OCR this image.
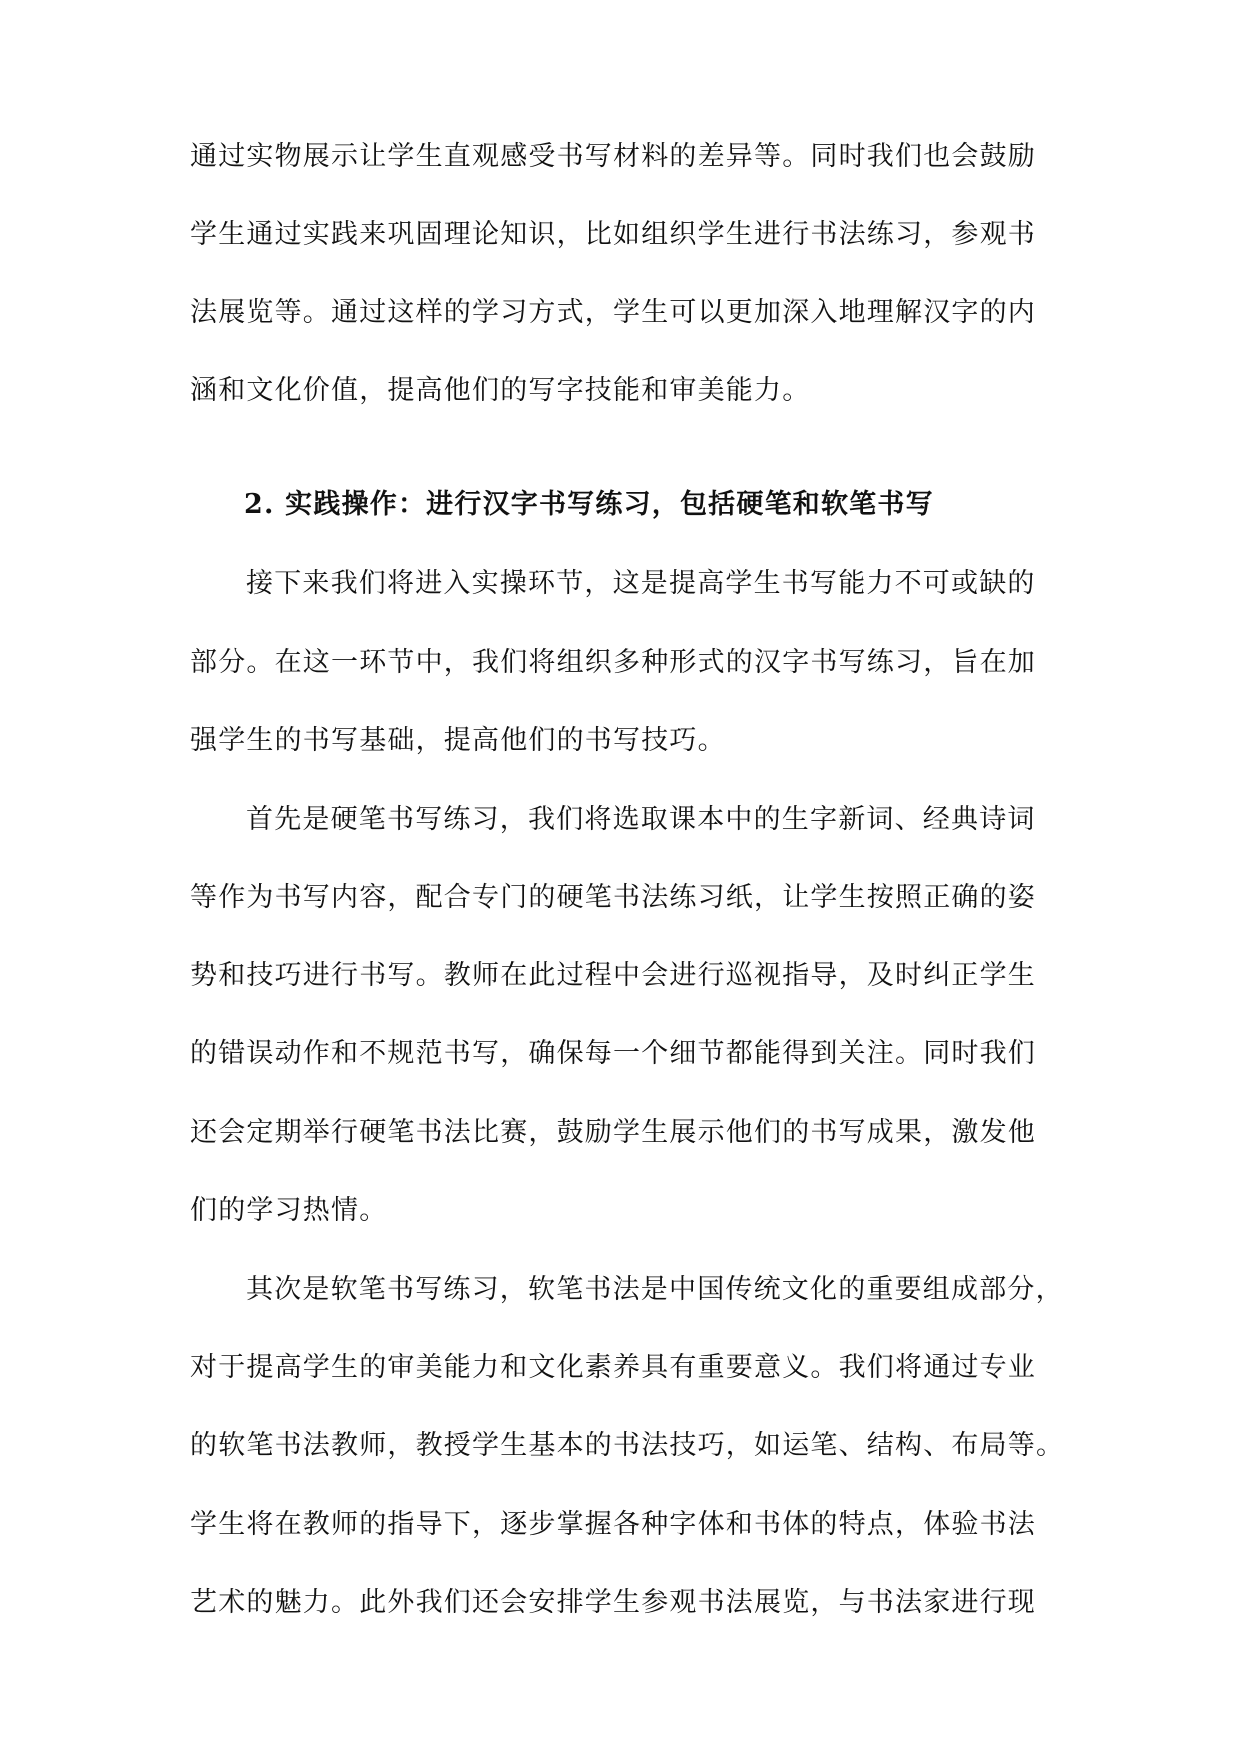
通过实物展示让学生直观感受书写材料的差异等。同时我们也会鼓励
学生通过实践来巩固理论知识，比如组织学生进行书法练习，参观书
法展览等。通过这样的学习方式，学生可以更加深入地理解汉字的内
涵和文化价值，提高他们的写字技能和审美能力。
2. 实践操作：进行汉字书写练习，包括硬笔和软笔书写
接下来我们将进入实操环节，这是提高学生书写能力不可或缺的
部分。在这一环节中，我们将组织多种形式的汉字书写练习，旨在加
强学生的书写基础，提高他们的书写技巧。
首先是硬笔书写练习，我们将选取课本中的生字新词、经典诗词
等作为书写内容，配合专门的硬笔书法练习纸，让学生按照正确的姿
势和技巧进行书写。教师在此过程中会进行巡视指导，及时纠正学生
的错误动作和不规范书写，确保每一个细节都能得到关注。同时我们
还会定期举行硬笔书法比赛，鼓励学生展示他们的书写成果，激发他
们的学习热情。
其次是软笔书写练习，软笔书法是中国传统文化的重要组成部分，
对于提高学生的审美能力和文化素养具有重要意义。我们将通过专业
的软笔书法教师，教授学生基本的书法技巧，如运笔、结构、布局等。
学生将在教师的指导下，逐步掌握各种字体和书体的特点，体验书法
艺术的魅力。此外我们还会安排学生参观书法展览，与书法家进行现
